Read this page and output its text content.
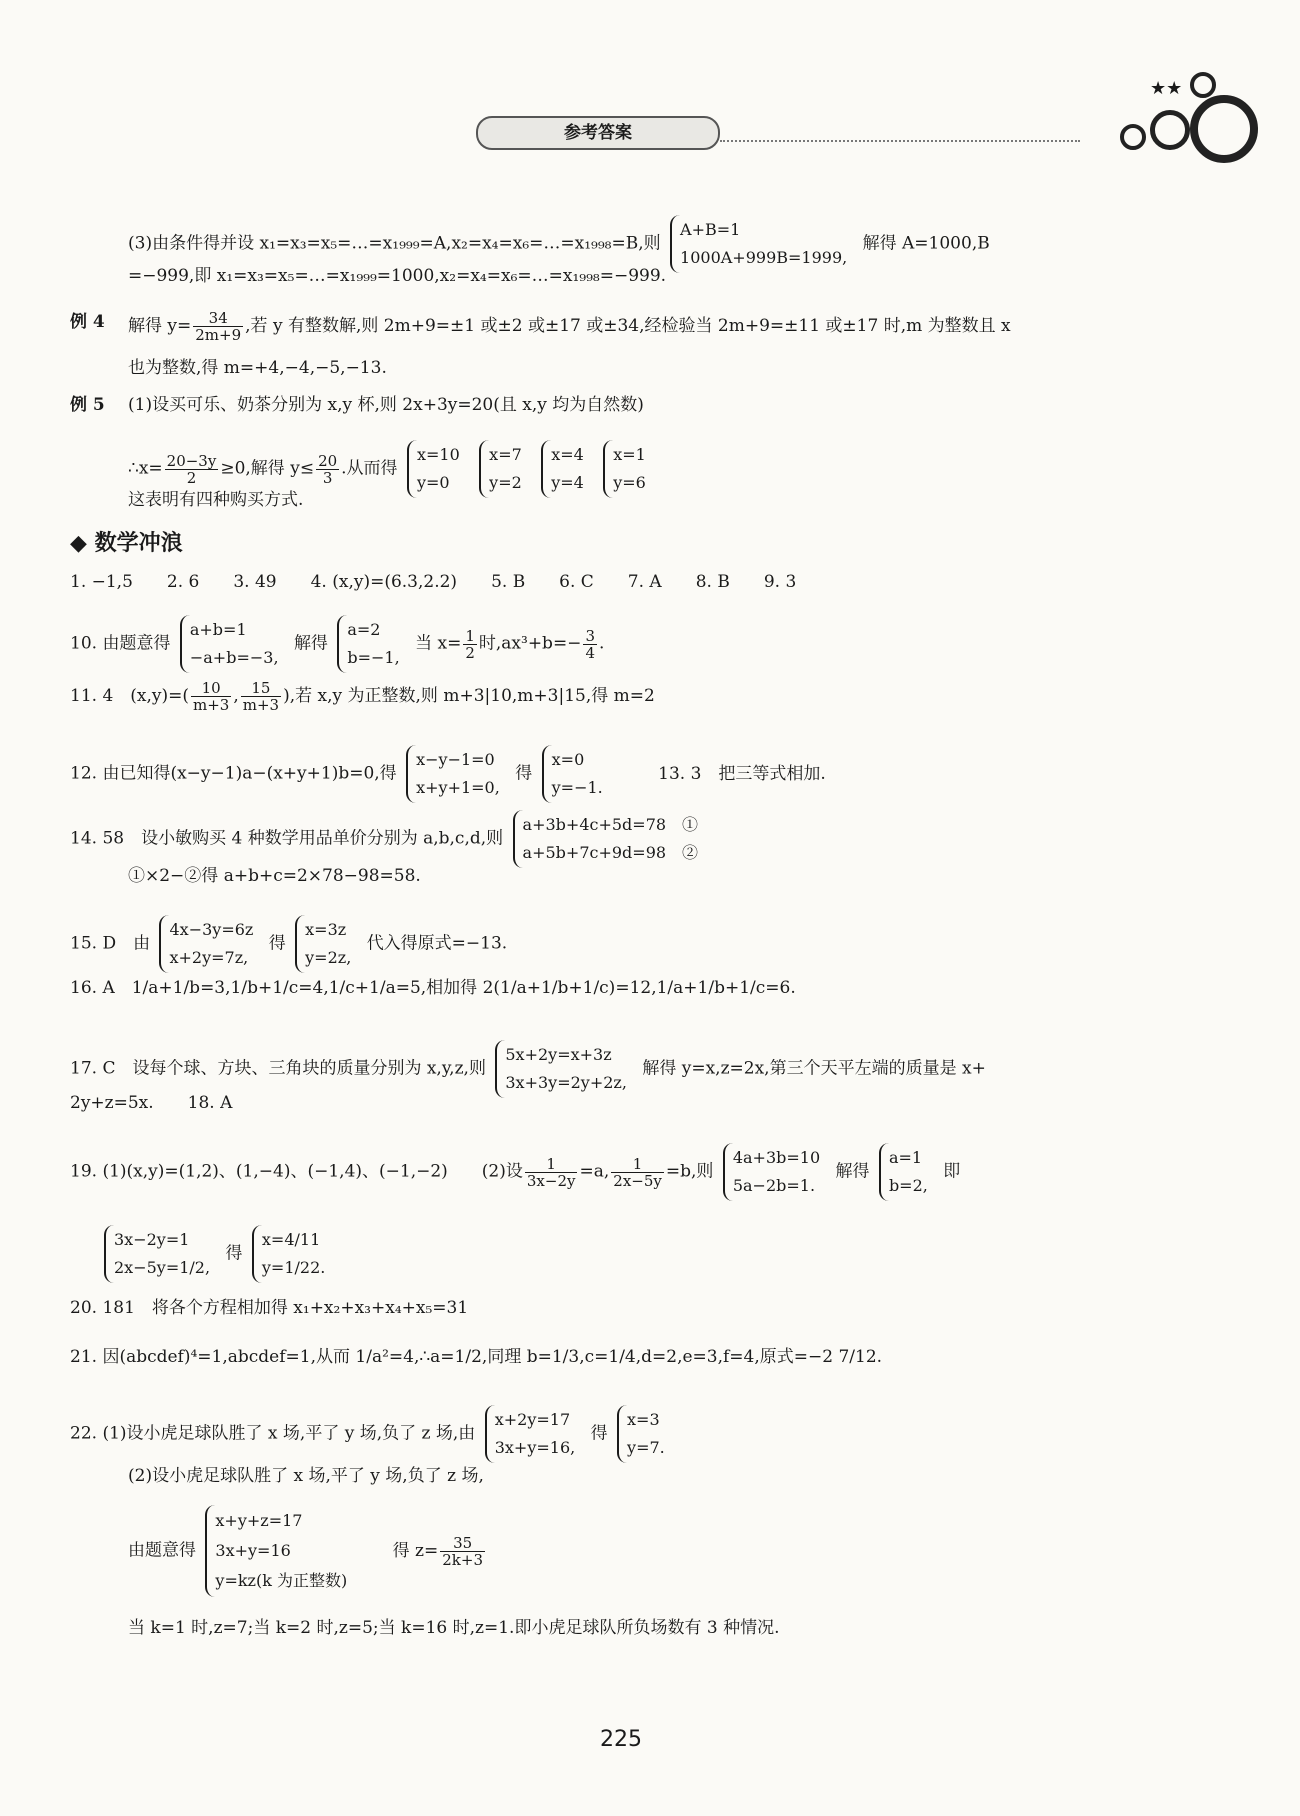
参考答案
★★
(3)由条件得并设 x₁=x₃=x₅=…=x₁₉₉₉=A,x₂=x₄=x₆=…=x₁₉₉₈=B,则
A+B=1
1000A+999B=1999,
解得 A=1000,B
=−999,即 x₁=x₃=x₅=…=x₁₉₉₉=1000,x₂=x₄=x₆=…=x₁₉₉₈=−999.
例 4 解得 $y= \frac{34}{2m+9}$ ,若 y 有整数解,则 2m+9=±1 或±2 或±17 或±34,经检验当 2m+9=±11 或±17 时,m 为整数且 x
也为整数,得 m=+4,−4,−5,−13.
例 5 (1)设买可乐、奶茶分别为 x,y 杯,则 2x+3y=20(且 x,y 均为自然数)
∴x= $\frac{20-3y}{2} \ge 0$,解得 $y\le \frac{20}{3}$ .从而得
x=10
y=0

x=7
y=2

x=4
y=4

x=1
y=6
这表明有四种购买方式.
◆ 数学冲浪
1. −1,5　　2. 6　　3. 49　　4. (x,y)=(6.3,2.2)　　5. B　　6. C　　7. A　　8. B　　9. 3
10. 由题意得
a+b=1
−a+b=−3,
解得
a=2
b=−1,
当 $x= \frac{1}{2}$ 时$,ax^3+b=- \frac{3}{4}$ .
11. 4　$(x,y)=( \frac{10}{m+3}$ , $\frac{15}{m+3}$ ),若 x,y 为正整数,则 m+3|10,m+3|15,得 m=2
12. 由已知得(x−y−1)a−(x+y+1)b=0,得
x−y−1=0
x+y+1=0,
得
x=0
y=−1.
13. 3　把三等式相加.
14. 58　设小敏购买 4 种数学用品单价分别为 a,b,c,d,则
a+3b+4c+5d=78　①
a+5b+7c+9d=98　②
①×2−②得 a+b+c=2×78−98=58.
15. D　由
4x−3y=6z
x+2y=7z,
得
x=3z
y=2z,
代入得原式=−13.
16. A　1/a+1/b=3,1/b+1/c=4,1/c+1/a=5,相加得 2(1/a+1/b+1/c)=12,1/a+1/b+1/c=6.
17. C　设每个球、方块、三角块的质量分别为 x,y,z,则
5x+2y=x+3z
3x+3y=2y+2z,
解得 y=x,z=2x,第三个天平左端的质量是 x+
2y+z=5x.　　18. A
19. (1)(x,y)=(1,2)、(1,−4)、(−1,4)、(−1,−2)　　(2)设 $\frac{1}{3x-2y} =a$, $\frac{1}{2x-5y} =b$,则
4a+3b=10
5a−2b=1.
解得
a=1
b=2,
即
3x−2y=1
2x−5y=1/2,
得
x=4/11
y=1/22.
20. 181　将各个方程相加得 x₁+x₂+x₃+x₄+x₅=31
21. 因(abcdef)⁴=1,abcdef=1,从而 1/a²=4,∴a=1/2,同理 b=1/3,c=1/4,d=2,e=3,f=4,原式=−2 7/12.
22. (1)设小虎足球队胜了 x 场,平了 y 场,负了 z 场,由
x+2y=17
3x+y=16,
得
x=3
y=7.
(2)设小虎足球队胜了 x 场,平了 y 场,负了 z 场,
由题意得
x+y+z=17
3x+y=16
y=kz(k 为正整数)
得 $z= \frac{35}{2k+3}$
当 k=1 时,z=7;当 k=2 时,z=5;当 k=16 时,z=1.即小虎足球队所负场数有 3 种情况.
225
